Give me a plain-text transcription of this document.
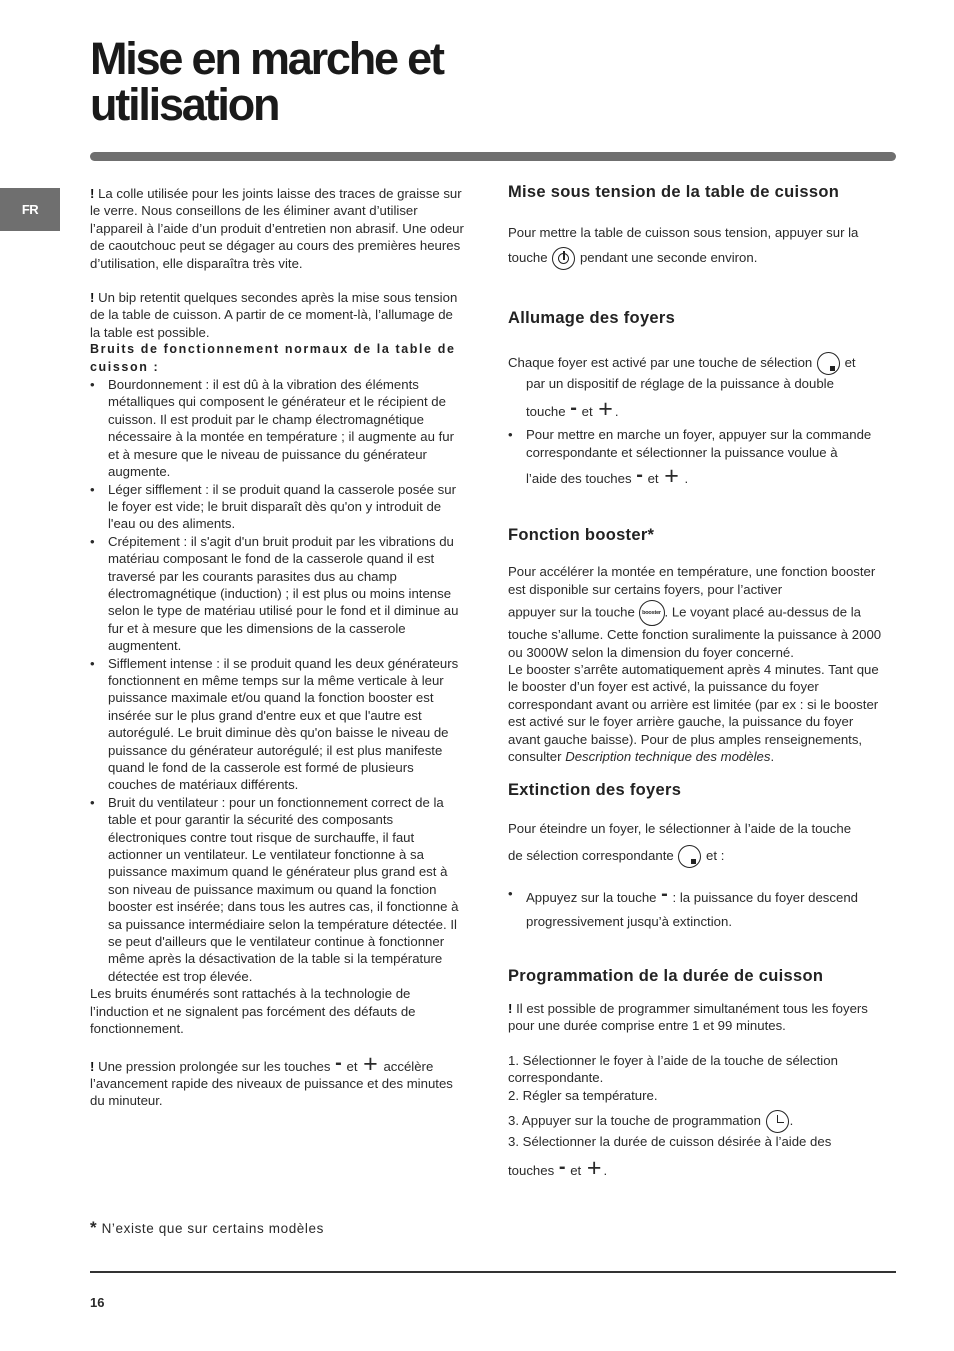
Mise en marche et
utilisation
FR

! La colle utilisée pour les joints laisse des traces de graisse sur le verre. Nous conseillons de les éliminer avant d’utiliser l’appareil à l’aide d’un produit d’entretien non abrasif. Une odeur de caoutchouc peut se dégager au cours des premières heures d’utilisation, elle disparaîtra très vite.

! Un bip retentit quelques secondes après la mise sous tension de la table de cuisson. A partir de ce moment-là, l’allumage de la table est possible.

Bruits de fonctionnement normaux de la table de cuisson :

• Bourdonnement : il est dû à la vibration des éléments métalliques qui composent le générateur et le récipient de cuisson. Il est produit par le champ électromagnétique nécessaire à la montée en température ; il augmente au fur et à mesure que le niveau de puissance du générateur augmente.
• Léger sifflement : il se produit quand la casserole posée sur le foyer est vide; le bruit disparaît dès qu'on y introduit de l'eau ou des aliments.
• Crépitement : il s'agit d'un bruit produit par les vibrations du matériau composant le fond de la casserole quand il est traversé par les courants parasites dus au champ électromagnétique (induction) ; il est plus ou moins intense selon le type de matériau utilisé pour le fond et il diminue au fur et à mesure que les dimensions de la casserole augmentent.
• Sifflement intense : il se produit quand les deux générateurs fonctionnent en même temps sur la même verticale à leur puissance maximale et/ou quand la fonction booster est insérée sur le plus grand d'entre eux et que l'autre est autorégulé. Le bruit diminue dès qu'on baisse le niveau de puissance du générateur autorégulé; il est plus manifeste quand le fond de la casserole est formé de plusieurs couches de matériaux différents.
• Bruit du ventilateur : pour un fonctionnement correct de la table et pour garantir la sécurité des composants électroniques contre tout risque de surchauffe, il faut actionner un ventilateur. Le ventilateur fonctionne à sa puissance maximum quand le générateur plus grand est à son niveau de puissance maximum ou quand la fonction booster est insérée; dans tous les autres cas, il fonctionne à sa puissance intermédiaire selon la température détectée. Il se peut d'ailleurs que le ventilateur continue à fonctionner même après la désactivation de la table si la température détectée est trop élevée.

Les bruits énumérés sont rattachés à la technologie de l’induction et ne signalent pas forcément des défauts de fonctionnement.

! Une pression prolongée sur les touches - et + accélère
l’avancement rapide des niveaux de puissance et des minutes du minuteur.

Mise sous tension de la table de cuisson

Pour mettre la table de cuisson sous tension, appuyer sur la

touche pendant une seconde environ.

Allumage des foyers

Chaque foyer est activé par une touche de sélection et

par un dispositif de réglage de la puissance à double

touche - et + .

• Pour mettre en marche un foyer, appuyer sur la commande correspondante et sélectionner la puissance voulue à
l’aide des touches - et + .

Fonction booster*

Pour accélérer la montée en température, une fonction booster est disponible sur certains foyers, pour l’activer

appuyer sur la touche booster . Le voyant placé au-dessus de la

touche s’allume. Cette fonction suralimente la puissance à 2000 ou 3000W selon la dimension du foyer concerné.

Le booster s’arrête automatiquement après 4 minutes. Tant que le booster d’un foyer est activé, la puissance du foyer correspondant avant ou arrière est limitée (par ex : si le booster est activé sur le foyer arrière gauche, la puissance du foyer avant gauche baisse). Pour de plus amples renseignements, consulter Description technique des modèles.

Extinction des foyers

Pour éteindre un foyer, le sélectionner à l’aide de la touche

de sélection correspondante et :

• Appuyez sur la touche - : la puissance du foyer descend progressivement jusqu’à extinction.

Programmation de la durée de cuisson

! Il est possible de programmer simultanément tous les foyers pour une durée comprise entre 1 et 99 minutes.

1. Sélectionner le foyer à l’aide de la touche de sélection correspondante.

2. Régler sa température.

3. Appuyer sur la touche de programmation .

3. Sélectionner la durée de cuisson désirée à l’aide des

touches - et + .

* N’existe que sur certains modèles
16
